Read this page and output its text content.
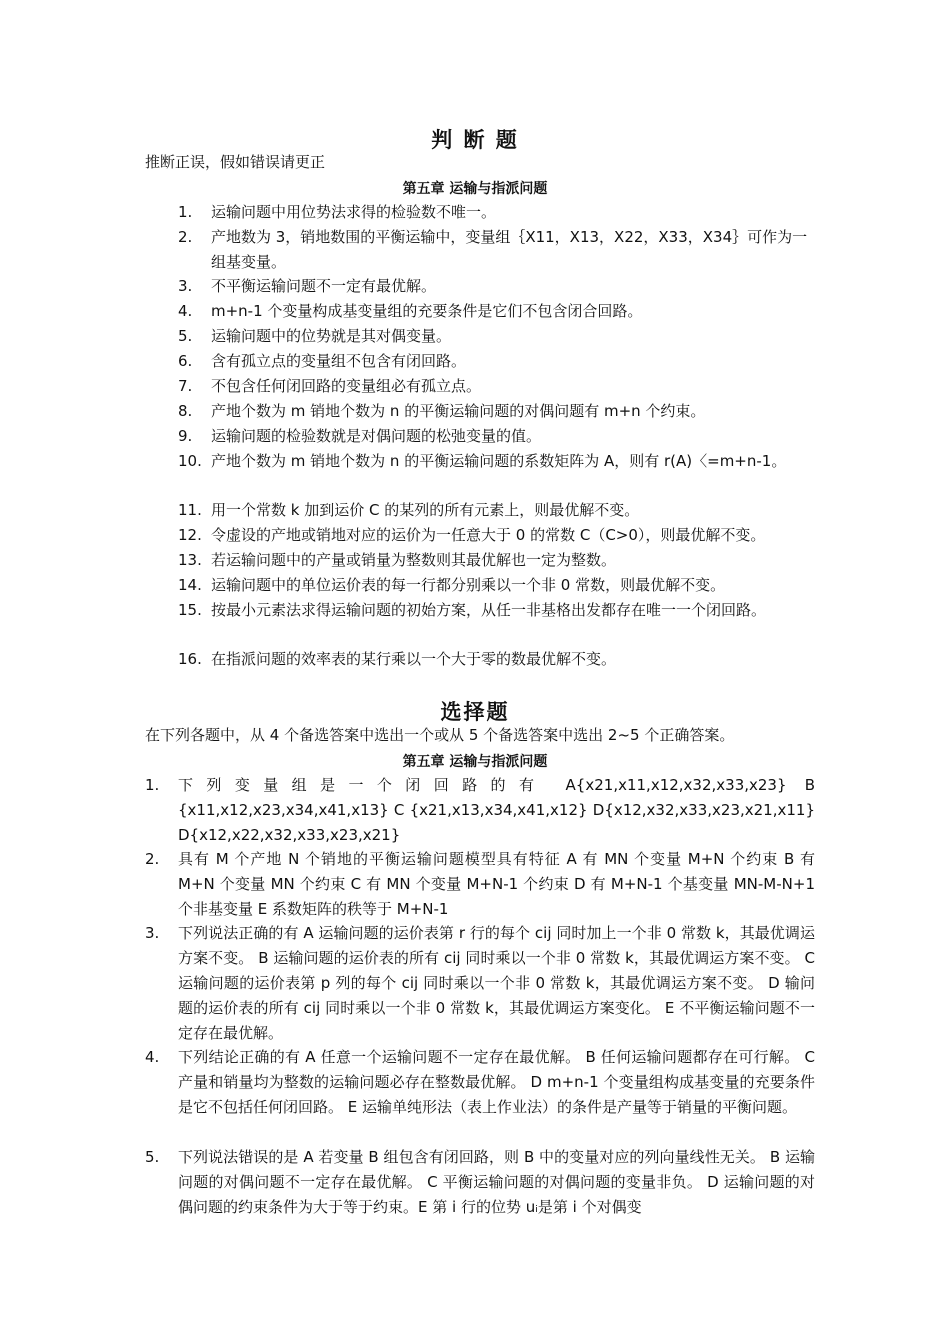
判 断 题
推断正误，假如错误请更正
第五章 运输与指派问题
1.	运输问题中用位势法求得的检验数不唯一。
2.	产地数为 3，销地数围的平衡运输中，变量组｛X11，X13，X22，X33，X34｝可作为一组基变量。
3.	不平衡运输问题不一定有最优解。
4.	m+n-1 个变量构成基变量组的充要条件是它们不包含闭合回路。
5.	运输问题中的位势就是其对偶变量。
6.	含有孤立点的变量组不包含有闭回路。
7.	不包含任何闭回路的变量组必有孤立点。
8.	产地个数为 m 销地个数为 n 的平衡运输问题的对偶问题有 m+n 个约束。
9.	运输问题的检验数就是对偶问题的松弛变量的值。
10. 产地个数为 m 销地个数为 n 的平衡运输问题的系数矩阵为 A，则有 r(A)〈=m+n-1。
11. 用一个常数 k 加到运价 C 的某列的所有元素上，则最优解不变。
12. 令虚设的产地或销地对应的运价为一任意大于 0 的常数 C（C>0），则最优解不变。
13. 若运输问题中的产量或销量为整数则其最优解也一定为整数。
14. 运输问题中的单位运价表的每一行都分别乘以一个非 0 常数，则最优解不变。
15. 按最小元素法求得运输问题的初始方案，从任一非基格出发都存在唯一一个闭回路。
16. 在指派问题的效率表的某行乘以一个大于零的数最优解不变。
选择题
在下列各题中，从 4 个备选答案中选出一个或从 5 个备选答案中选出 2~5 个正确答案。
第五章 运输与指派问题
1.	下列变量组是一个闭回路的有 A{x21,x11,x12,x32,x33,x23} B {x11,x12,x23,x34,x41,x13} C {x21,x13,x34,x41,x12} D{x12,x32,x33,x23,x21,x11} D{x12,x22,x32,x33,x23,x21}
2.	具有 M 个产地 N 个销地的平衡运输问题模型具有特征 A 有 MN 个变量 M+N 个约束 B 有 M+N 个变量 MN 个约束 C 有 MN 个变量 M+N-1 个约束 D 有 M+N-1 个基变量 MN-M-N+1 个非基变量 E 系数矩阵的秩等于 M+N-1
3.	下列说法正确的有 A 运输问题的运价表第 r 行的每个 cij 同时加上一个非 0 常数 k，其最优调运方案不变。 B 运输问题的运价表的所有 cij 同时乘以一个非 0 常数 k，其最优调运方案不变。 C 运输问题的运价表第 p 列的每个 cij 同时乘以一个非 0 常数 k，其最优调运方案不变。 D 输问题的运价表的所有 cij 同时乘以一个非 0 常数 k，其最优调运方案变化。 E 不平衡运输问题不一定存在最优解。
4.	下列结论正确的有 A 任意一个运输问题不一定存在最优解。 B 任何运输问题都存在可行解。 C 产量和销量均为整数的运输问题必存在整数最优解。 D m+n-1 个变量组构成基变量的充要条件是它不包括任何闭回路。 E 运输单纯形法（表上作业法）的条件是产量等于销量的平衡问题。
5.	下列说法错误的是 A 若变量 B 组包含有闭回路，则 B 中的变量对应的列向量线性无关。 B 运输问题的对偶问题不一定存在最优解。 C 平衡运输问题的对偶问题的变量非负。 D 运输问题的对偶问题的约束条件为大于等于约束。E 第 i 行的位势 uᵢ是第 i 个对偶变
